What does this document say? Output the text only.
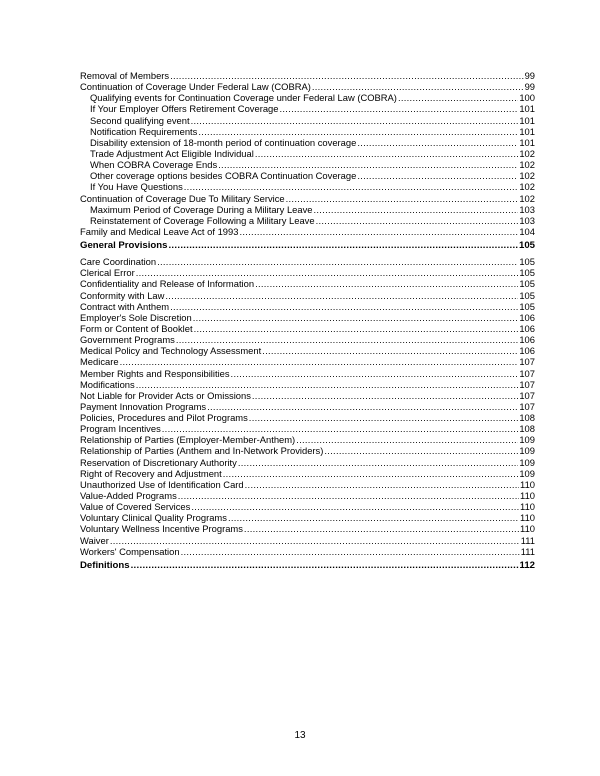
Removal of Members .....	99
Continuation of Coverage Under Federal Law (COBRA) .....	99
Qualifying events for Continuation Coverage under Federal Law (COBRA) .....	100
If Your Employer Offers Retirement Coverage .....	101
Second qualifying event .....	101
Notification Requirements .....	101
Disability extension of 18-month period of continuation coverage .....	101
Trade Adjustment Act Eligible Individual .....	102
When COBRA Coverage Ends .....	102
Other coverage options besides COBRA Continuation Coverage .....	102
If You Have Questions .....	102
Continuation of Coverage Due To Military Service .....	102
Maximum Period of Coverage During a Military Leave .....	103
Reinstatement of Coverage Following a Military Leave .....	103
Family and Medical Leave Act of 1993 .....	104
General Provisions .....	105
Care Coordination .....	105
Clerical Error .....	105
Confidentiality and Release of Information .....	105
Conformity with Law .....	105
Contract with Anthem .....	105
Employer's Sole Discretion .....	106
Form or Content of Booklet .....	106
Government Programs .....	106
Medical Policy and Technology Assessment .....	106
Medicare .....	107
Member Rights and Responsibilities .....	107
Modifications .....	107
Not Liable for Provider Acts or Omissions .....	107
Payment Innovation Programs .....	107
Policies, Procedures and Pilot Programs .....	108
Program Incentives .....	108
Relationship of Parties (Employer-Member-Anthem) .....	109
Relationship of Parties (Anthem and In-Network Providers) .....	109
Reservation of Discretionary Authority .....	109
Right of Recovery and Adjustment .....	109
Unauthorized Use of Identification Card .....	110
Value-Added Programs .....	110
Value of Covered Services .....	110
Voluntary Clinical Quality Programs .....	110
Voluntary Wellness Incentive Programs .....	110
Waiver .....	111
Workers' Compensation .....	111
Definitions .....	112
13
